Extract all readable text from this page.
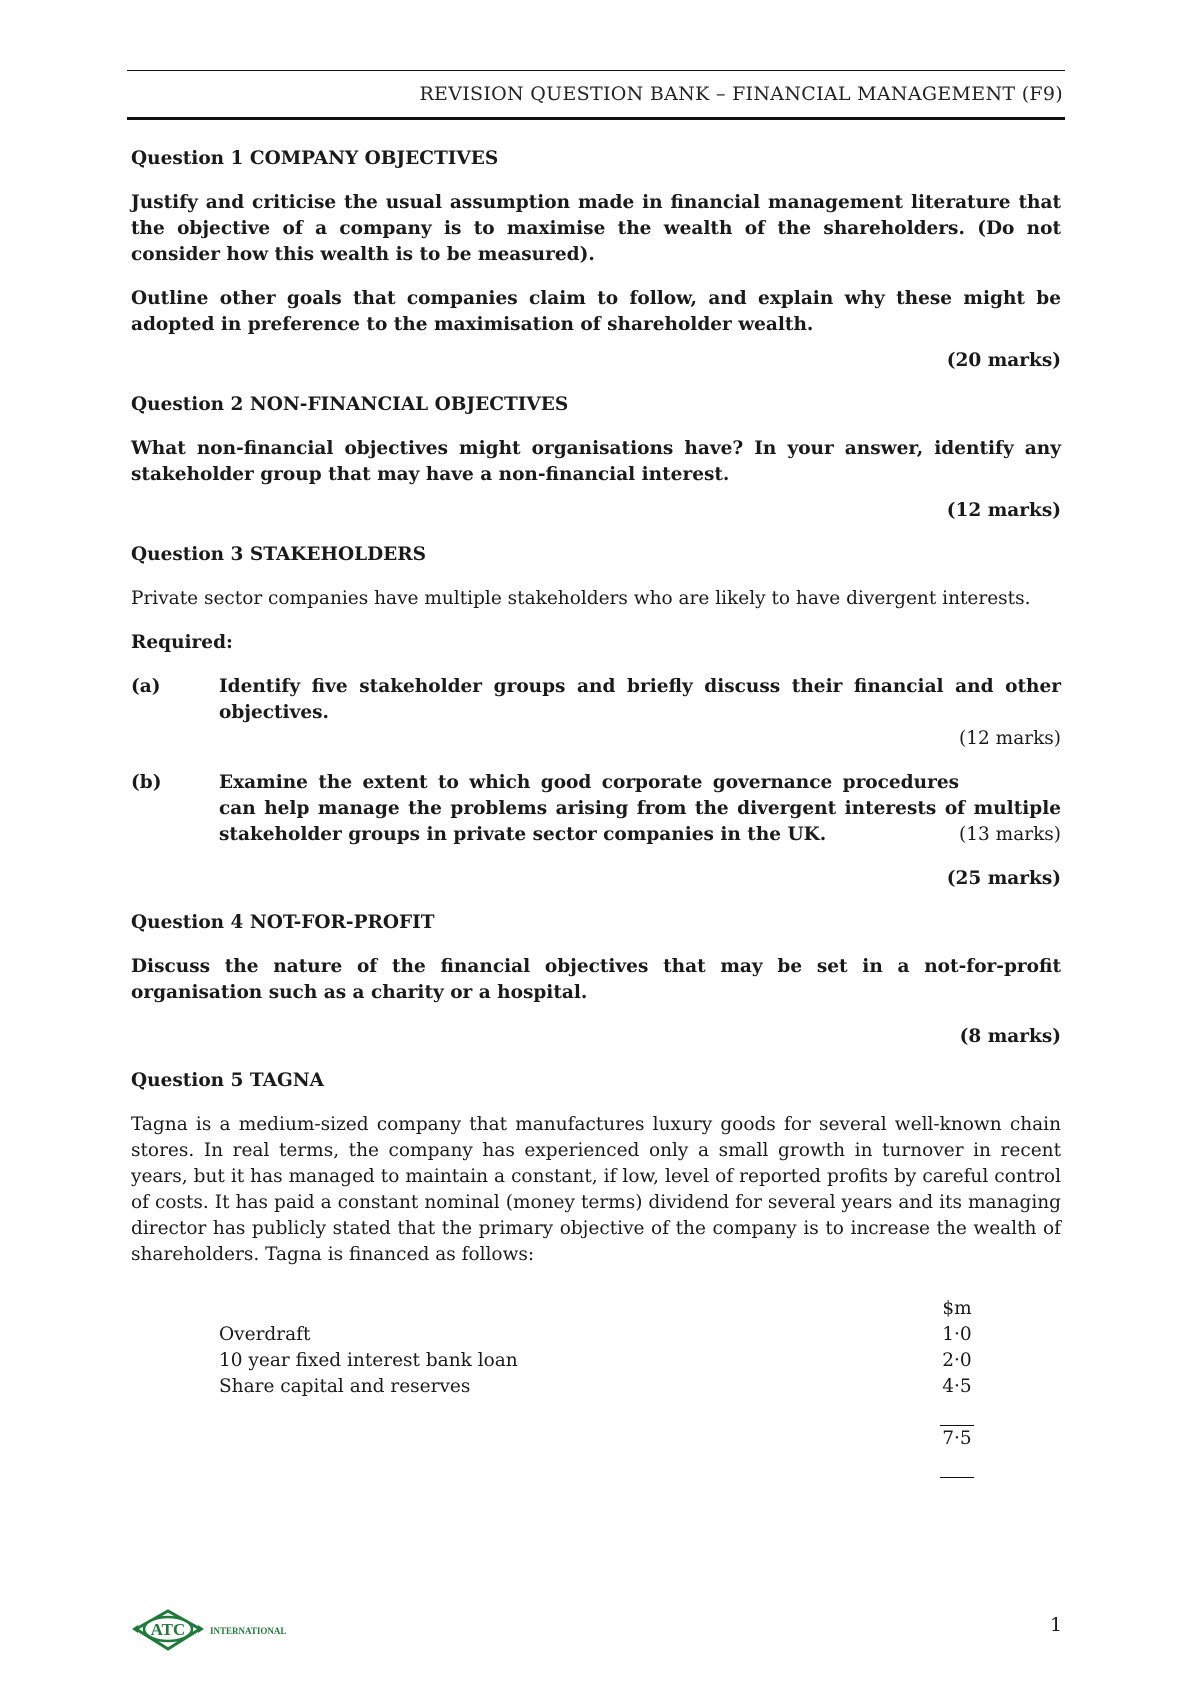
REVISION QUESTION BANK – FINANCIAL MANAGEMENT (F9)

Question 1 COMPANY OBJECTIVES

Justify and criticise the usual assumption made in financial management literature that the objective of a company is to maximise the wealth of the shareholders. (Do not consider how this wealth is to be measured).

Outline other goals that companies claim to follow, and explain why these might be adopted in preference to the maximisation of shareholder wealth.

(20 marks)

Question 2 NON-FINANCIAL OBJECTIVES

What non-financial objectives might organisations have? In your answer, identify any stakeholder group that may have a non-financial interest.

(12 marks)

Question 3 STAKEHOLDERS

Private sector companies have multiple stakeholders who are likely to have divergent interests.

Required:

(a)	Identify five stakeholder groups and briefly discuss their financial and other objectives.

(12 marks)

(b)
(13 marks)
Examine the extent to which good corporate governance procedures can help manage the problems arising from the divergent interests of multiple stakeholder groups in private sector companies in the UK.

(25 marks)

Question 4 NOT-FOR-PROFIT

Discuss the nature of the financial objectives that may be set in a not-for-profit organisation such as a charity or a hospital.

(8 marks)

Question 5 TAGNA

Tagna is a medium-sized company that manufactures luxury goods for several well-known chain stores. In real terms, the company has experienced only a small growth in turnover in recent years, but it has managed to maintain a constant, if low, level of reported profits by careful control of costs. It has paid a constant nominal (money terms) dividend for several years and its managing director has publicly stated that the primary objective of the company is to increase the wealth of shareholders. Tagna is financed as follows:

	$m
Overdraft	1·0
10 year fixed interest bank loan	2·0
Share capital and reserves	4·5

	7·5

ATC	INTERNATIONAL	1
